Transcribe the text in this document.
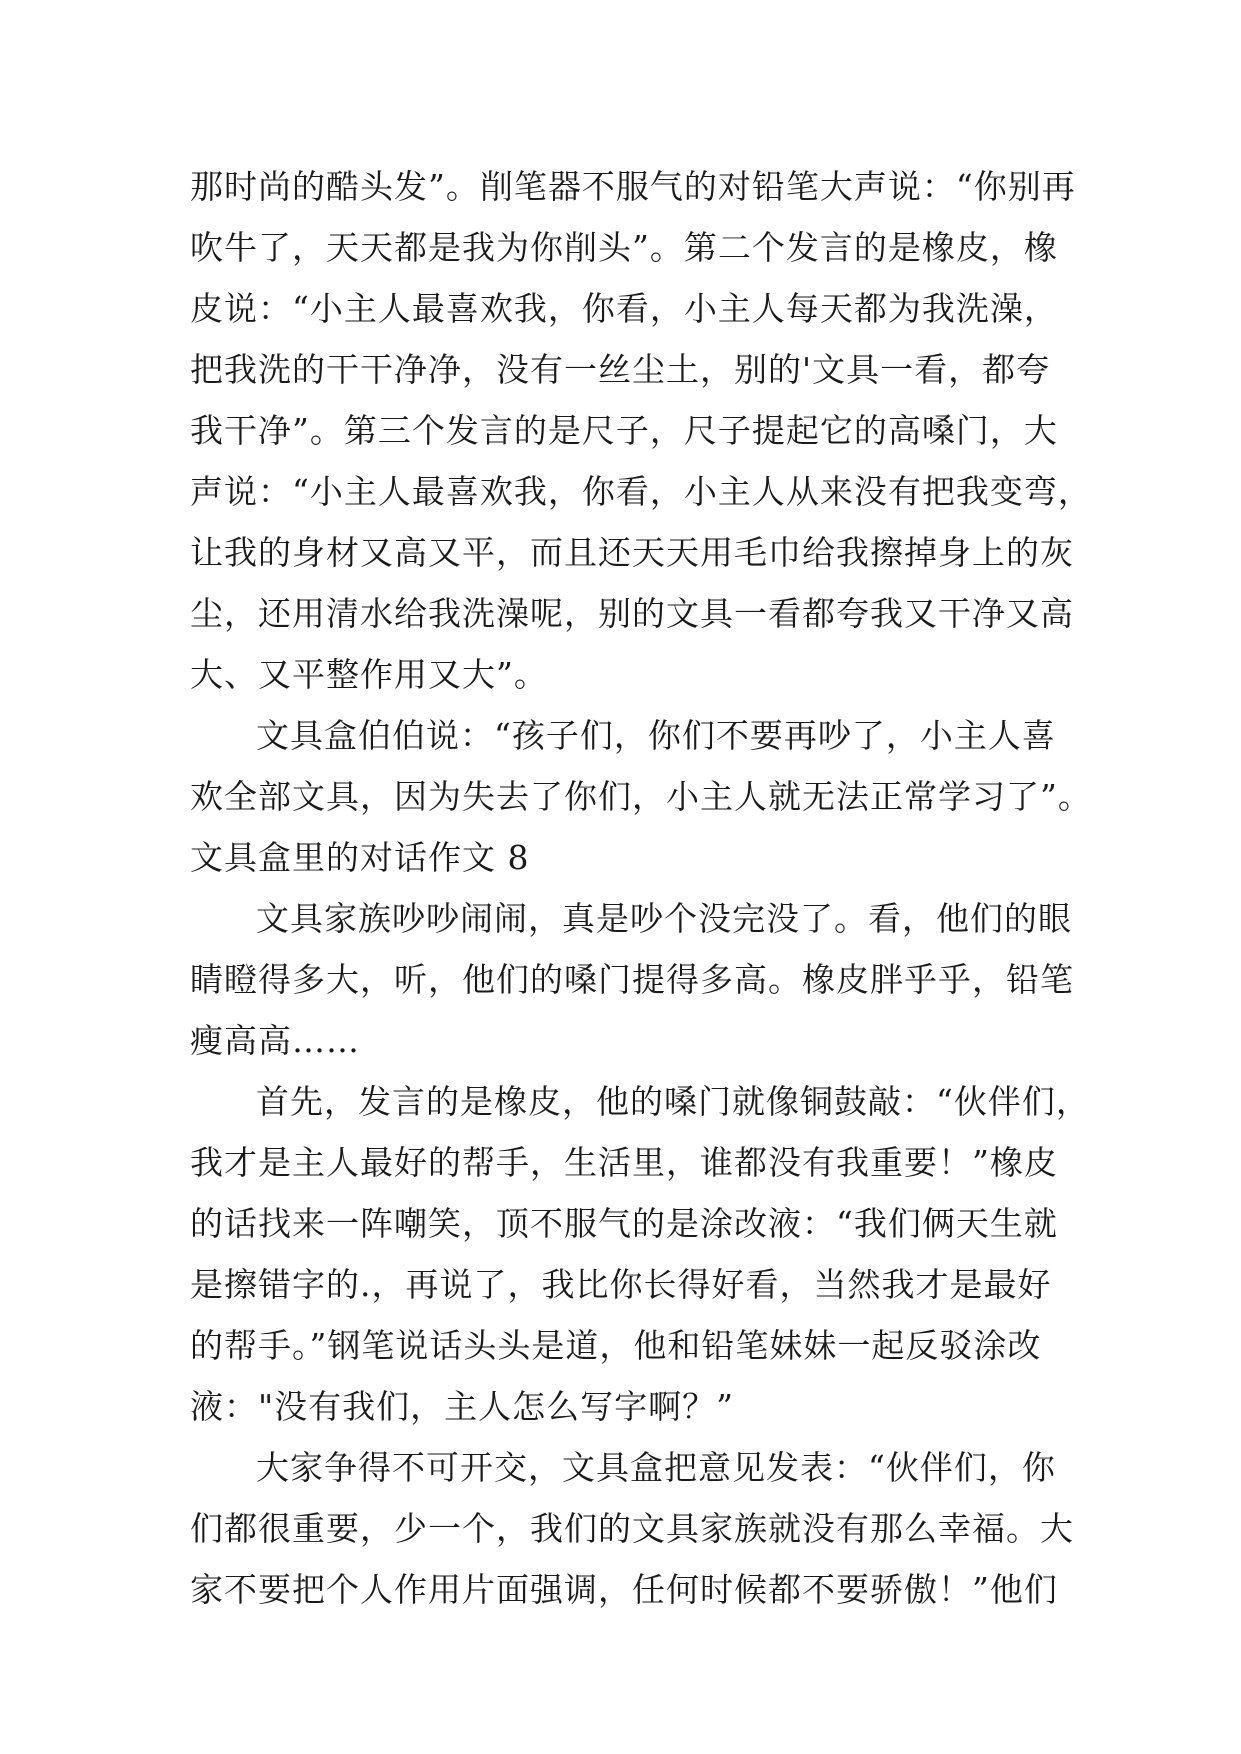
那时尚的酷头发”。削笔器不服气的对铅笔大声说：“你别再
吹牛了，天天都是我为你削头”。第二个发言的是橡皮，橡
皮说：“小主人最喜欢我，你看，小主人每天都为我洗澡，
把我洗的干干净净，没有一丝尘土，别的'文具一看，都夸
我干净”。第三个发言的是尺子，尺子提起它的高嗓门，大
声说：“小主人最喜欢我，你看，小主人从来没有把我变弯，
让我的身材又高又平，而且还天天用毛巾给我擦掉身上的灰
尘，还用清水给我洗澡呢，别的文具一看都夸我又干净又高
大、又平整作用又大”。
文具盒伯伯说：“孩子们，你们不要再吵了，小主人喜
欢全部文具，因为失去了你们，小主人就无法正常学习了”。
文具盒里的对话作文 8
文具家族吵吵闹闹，真是吵个没完没了。看，他们的眼
睛瞪得多大，听，他们的嗓门提得多高。橡皮胖乎乎，铅笔
瘦高高……
首先，发言的是橡皮，他的嗓门就像铜鼓敲：“伙伴们，
我才是主人最好的帮手，生活里，谁都没有我重要！”橡皮
的话找来一阵嘲笑，顶不服气的是涂改液：“我们俩天生就
是擦错字的.，再说了，我比你长得好看，当然我才是最好
的帮手。”钢笔说话头头是道，他和铅笔妹妹一起反驳涂改
液："没有我们，主人怎么写字啊？”
大家争得不可开交，文具盒把意见发表：“伙伴们，你
们都很重要，少一个，我们的文具家族就没有那么幸福。大
家不要把个人作用片面强调，任何时候都不要骄傲！”他们
